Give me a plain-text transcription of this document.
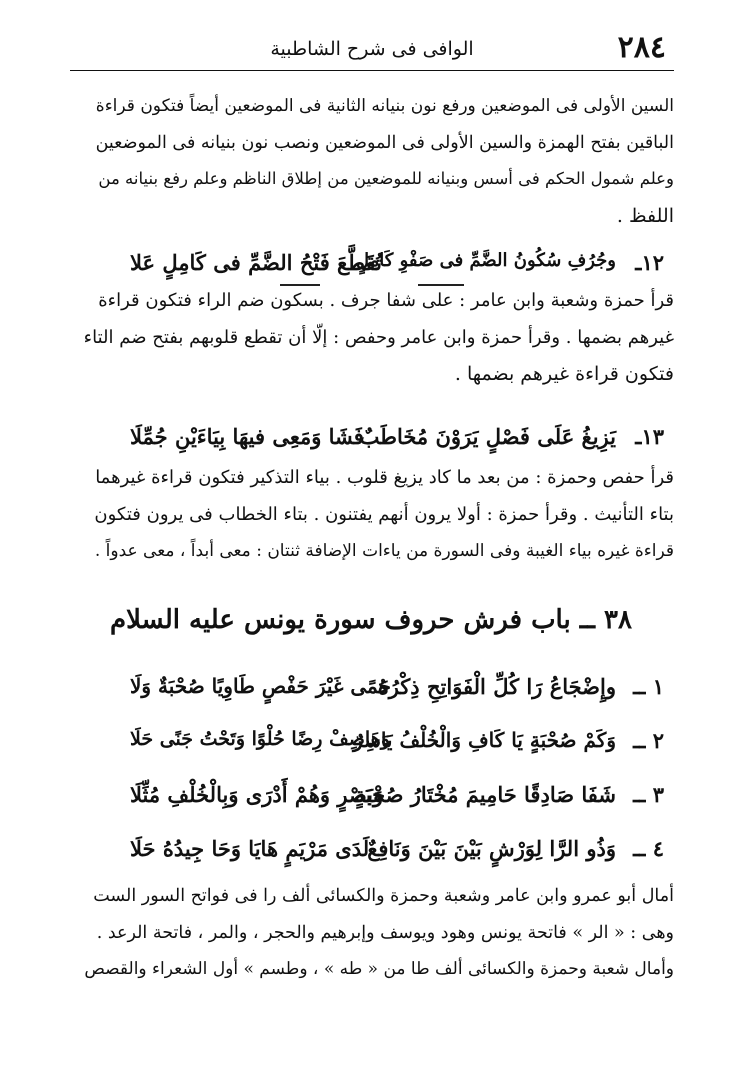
٢٨٤
الوافى فى شرح الشاطبية
السين الأولى فى الموضعين ورفع نون بنيانه الثانية فى الموضعين أيضاً فتكون قراءة
الباقين بفتح الهمزة والسين الأولى فى الموضعين ونصب نون بنيانه فى الموضعين
وعلم شمول الحكم فى أسس وبنيانه للموضعين من إطلاق الناظم وعلم رفع بنيانه من
اللفظ .
١٢ـ
وجُرُفِ سُكُونُ الضَّمِّ فى صَفْوِ كَامِلٍ
تُقَطَّعَ فَتْحُ الضَّمِّ فى كَامِلٍ عَلا
قرأ حمزة وشعبة وابن عامر : على شفا جرف . بسكون ضم الراء فتكون قراءة
غيرهم بضمها . وقرأ حمزة وابن عامر وحفص : إلّا أن تقطع قلوبهم بفتح ضم التاء
فتكون قراءة غيرهم بضمها .
١٣ـ
يَزِيغُ عَلَى فَصْلٍ يَرَوْنَ مُخَاطَبٌ
فَشَا وَمَعِى فيهَا بِيَاءَيْنِ جُمِّلَا
قرأ حفص وحمزة : من بعد ما كاد يزيغ قلوب . بياء التذكير فتكون قراءة غيرهما
بتاء التأنيث . وقرأ حمزة : أولا يرون أنهم يفتنون . بتاء الخطاب فى يرون فتكون
قراءة غيره بياء الغيبة وفى السورة من ياءات الإضافة ثنتان : معى أبداً ، معى عدواً .
٣٨ ــ باب فرش حروف سورة يونس عليه السلام
١ ــ
وإِضْجَاعُ رَا كُلِّ الْفَوَاتِحِ ذِكْرُهُ
حَمًى غَيْرَ حَفْصٍ طَاوِيًا صُحْبَةٌ وَلَا
٢ ــ
وَكَمْ صُحْبَةٍ يَا كَافِ وَالْخُلْفُ يَاسِرٌ
وَهَاصِفْ رِضًا حُلْوًا وَتَحْتُ جَنًى حَلَا
٣ ــ
شَفَا صَادِقًا حَامِيمَ مُخْتَارُ صُحْبَةٍ
وَبَصْرٍ وَهُمْ أَدْرَى وَبِالْخُلْفِ مُثِّلَا
٤ ــ
وَذُو الرَّا لِوَرْشٍ بَيْنَ بَيْنَ وَنَافِعٌ
لَدَى مَرْيَمٍ هَايَا وَحَا جِيدُهُ حَلَا
أمال أبو عمرو وابن عامر وشعبة وحمزة والكسائى ألف را فى فواتح السور الست
وهى : « الر » فاتحة يونس وهود ويوسف وإبرهيم والحجر ، والمر ، فاتحة الرعد .
وأمال شعبة وحمزة والكسائى ألف طا من « طه » ، وطسم » أول الشعراء والقصص
